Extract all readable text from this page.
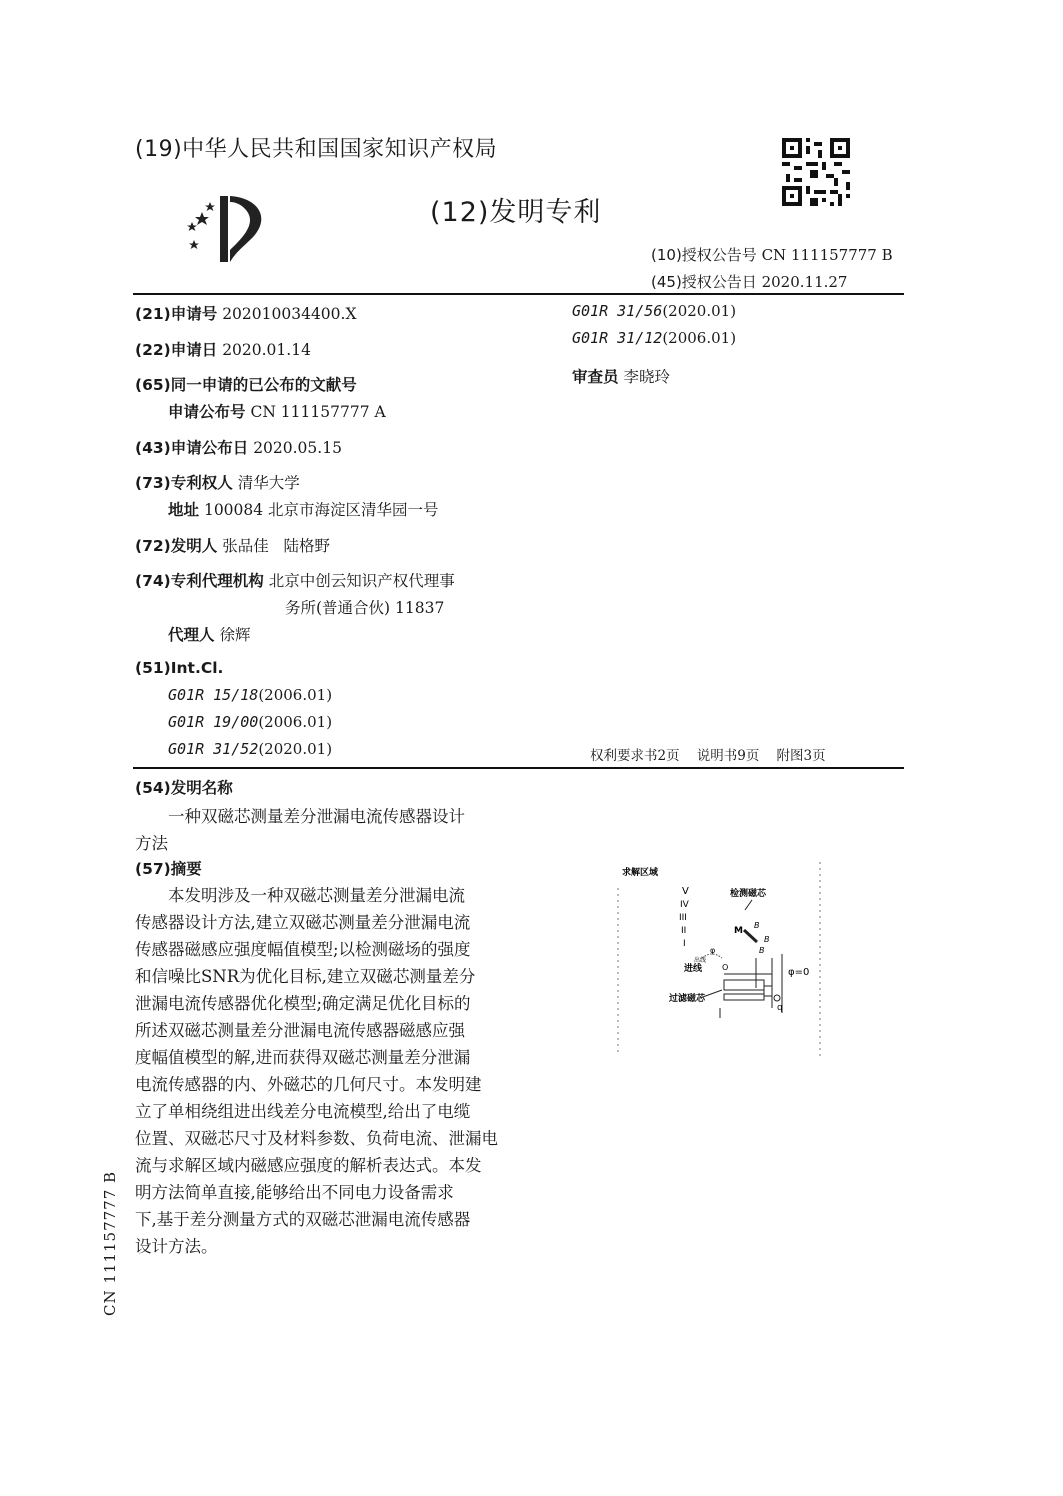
(19)中华人民共和国国家知识产权局
(12)发明专利
(10)授权公告号 CN 111157777 B
(45)授权公告日 2020.11.27
(21)申请号 202010034400.X
(22)申请日 2020.01.14
(65)同一申请的已公布的文献号
申请公布号 CN 111157777 A
(43)申请公布日 2020.05.15
(73)专利权人 清华大学
地址 100084 北京市海淀区清华园一号
(72)发明人 张品佳   陆格野
(74)专利代理机构 北京中创云知识产权代理事
务所(普通合伙) 11837
代理人 徐辉
(51)Int.Cl.
G01R 15/18(2006.01)
G01R 19/00(2006.01)
G01R 31/52(2020.01)
G01R 31/56(2020.01)
G01R 31/12(2006.01)
审查员 李晓玲
权利要求书2页    说明书9页    附图3页
(54)发明名称
一种双磁芯测量差分泄漏电流传感器设计
方法
(57)摘要
本发明涉及一种双磁芯测量差分泄漏电流
传感器设计方法,建立双磁芯测量差分泄漏电流
传感器磁感应强度幅值模型;以检测磁场的强度
和信噪比SNR为优化目标,建立双磁芯测量差分
泄漏电流传感器优化模型;确定满足优化目标的
所述双磁芯测量差分泄漏电流传感器磁感应强
度幅值模型的解,进而获得双磁芯测量差分泄漏
电流传感器的内、外磁芯的几何尺寸。本发明建
立了单相绕组进出线差分电流模型,给出了电缆
位置、双磁芯尺寸及材料参数、负荷电流、泄漏电
流与求解区域内磁感应强度的解析表达式。本发
明方法简单直接,能够给出不同电力设备需求
下,基于差分测量方式的双磁芯泄漏电流传感器
设计方法。
CN 111157777 B
求解区域
V
IV
III
II
I
检测磁芯
M
B
B
B
φ
出线
进线 O	φ=0
过滤磁芯
q
